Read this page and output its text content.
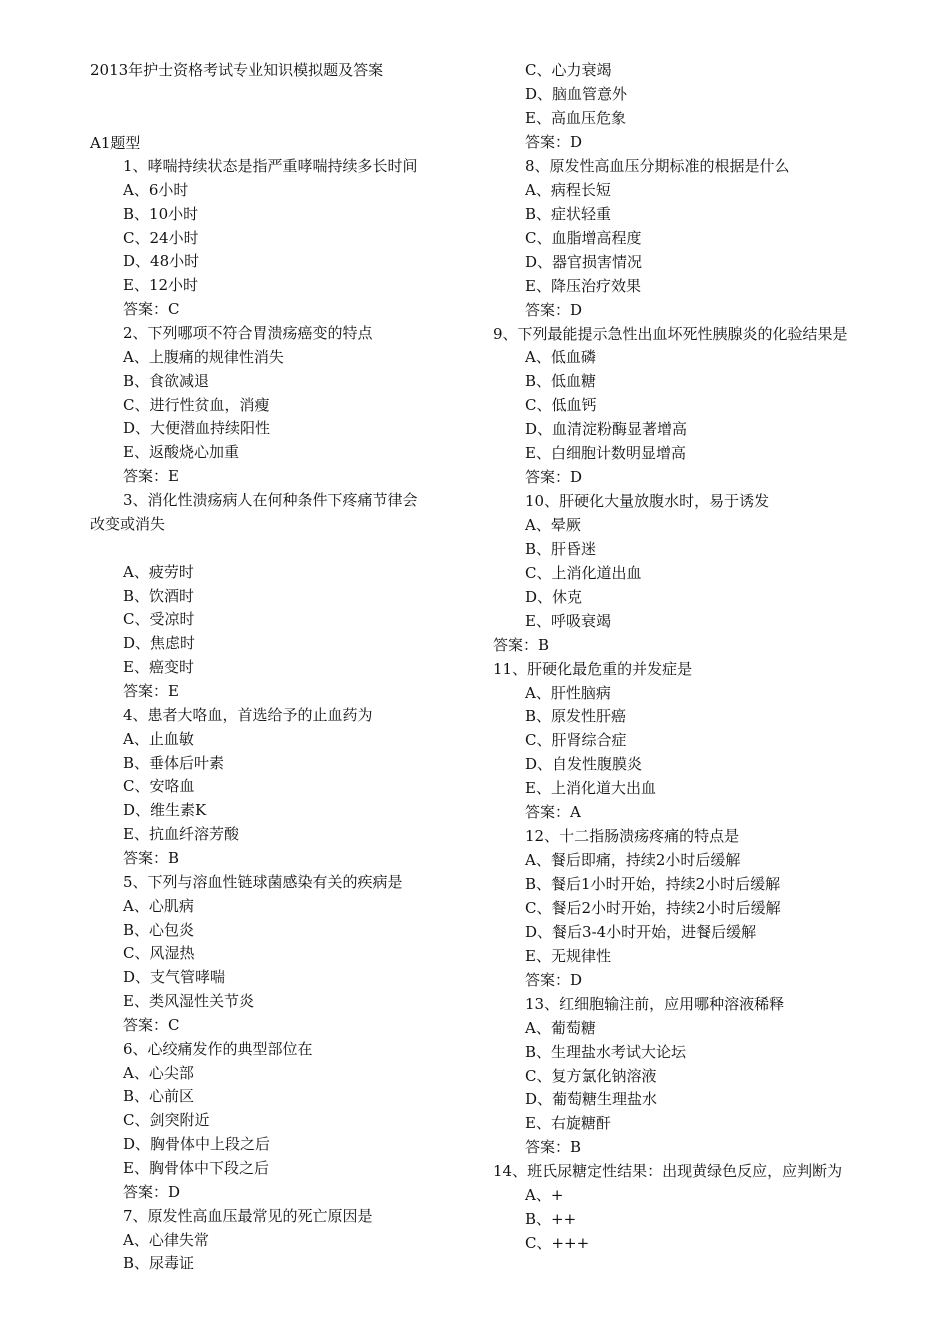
2013年护士资格考试专业知识模拟题及答案
A1题型
1、哮喘持续状态是指严重哮喘持续多长时间
A、6小时
B、10小时
C、24小时
D、48小时
E、12小时
答案：C
2、下列哪项不符合胃溃疡癌变的特点
A、上腹痛的规律性消失
B、食欲减退
C、进行性贫血，消瘦
D、大便潜血持续阳性
E、返酸烧心加重
答案：E
3、消化性溃疡病人在何种条件下疼痛节律会
改变或消失
A、疲劳时
B、饮酒时
C、受凉时
D、焦虑时
E、癌变时
答案：E
4、患者大咯血，首选给予的止血药为
A、止血敏
B、垂体后叶素
C、安咯血
D、维生素K
E、抗血纤溶芳酸
答案：B
5、下列与溶血性链球菌感染有关的疾病是
A、心肌病
B、心包炎
C、风湿热
D、支气管哮喘
E、类风湿性关节炎
答案：C
6、心绞痛发作的典型部位在
A、心尖部
B、心前区
C、剑突附近
D、胸骨体中上段之后
E、胸骨体中下段之后
答案：D
7、原发性高血压最常见的死亡原因是
A、心律失常
B、尿毒证
C、心力衰竭
D、脑血管意外
E、高血压危象
答案：D
8、原发性高血压分期标准的根据是什么
A、病程长短
B、症状轻重
C、血脂增高程度
D、器官损害情况
E、降压治疗效果
答案：D
9、下列最能提示急性出血坏死性胰腺炎的化验结果是
A、低血磷
B、低血糖
C、低血钙
D、血清淀粉酶显著增高
E、白细胞计数明显增高
答案：D
10、肝硬化大量放腹水时，易于诱发
A、晕厥
B、肝昏迷
C、上消化道出血
D、休克
E、呼吸衰竭
答案：B
11、肝硬化最危重的并发症是
A、肝性脑病
B、原发性肝癌
C、肝肾综合症
D、自发性腹膜炎
E、上消化道大出血
答案：A
12、十二指肠溃疡疼痛的特点是
A、餐后即痛，持续2小时后缓解
B、餐后1小时开始，持续2小时后缓解
C、餐后2小时开始，持续2小时后缓解
D、餐后3-4小时开始，进餐后缓解
E、无规律性
答案：D
13、红细胞输注前，应用哪种溶液稀释
A、葡萄糖
B、生理盐水考试大论坛
C、复方氯化钠溶液
D、葡萄糖生理盐水
E、右旋糖酐
答案：B
14、班氏尿糖定性结果：出现黄绿色反应，应判断为
A、+
B、++
C、+++
